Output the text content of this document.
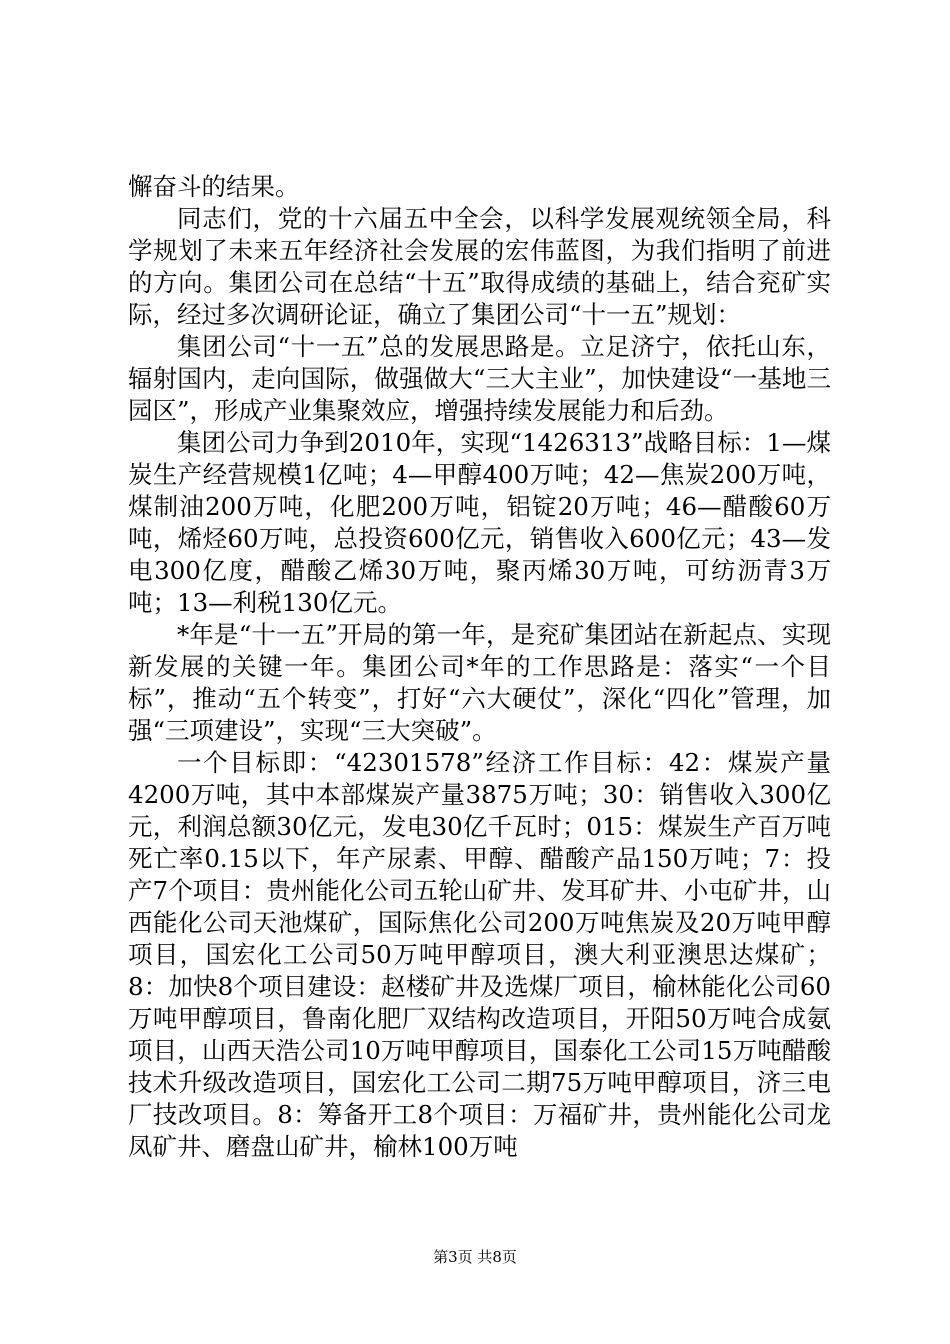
懈奋斗的结果。

同志们，党的十六届五中全会，以科学发展观统领全局，科学规划了未来五年经济社会发展的宏伟蓝图，为我们指明了前进的方向。集团公司在总结“十五”取得成绩的基础上，结合兖矿实际，经过多次调研论证，确立了集团公司“十一五”规划：

集团公司“十一五”总的发展思路是。立足济宁，依托山东，辐射国内，走向国际，做强做大“三大主业”，加快建设“一基地三园区”，形成产业集聚效应，增强持续发展能力和后劲。

集团公司力争到2010年，实现“1426313”战略目标：1—煤炭生产经营规模1亿吨；4—甲醇400万吨；42—焦炭200万吨，煤制油200万吨，化肥200万吨，铝锭20万吨；46—醋酸60万吨，烯烃60万吨，总投资600亿元，销售收入600亿元；43—发电300亿度，醋酸乙烯30万吨，聚丙烯30万吨，可纺沥青3万吨；13—利税130亿元。

*年是“十一五”开局的第一年，是兖矿集团站在新起点、实现新发展的关键一年。集团公司*年的工作思路是：落实“一个目标”，推动“五个转变”，打好“六大硬仗”，深化“四化”管理，加强“三项建设”，实现“三大突破”。

一个目标即：“42301578”经济工作目标：42：煤炭产量4200万吨，其中本部煤炭产量3875万吨；30：销售收入300亿元，利润总额30亿元，发电30亿千瓦时；015：煤炭生产百万吨死亡率0.15以下，年产尿素、甲醇、醋酸产品150万吨；7：投产7个项目：贵州能化公司五轮山矿井、发耳矿井、小屯矿井，山西能化公司天池煤矿，国际焦化公司200万吨焦炭及20万吨甲醇项目，国宏化工公司50万吨甲醇项目，澳大利亚澳思达煤矿；8：加快8个项目建设：赵楼矿井及选煤厂项目，榆林能化公司60万吨甲醇项目，鲁南化肥厂双结构改造项目，开阳50万吨合成氨项目，山西天浩公司10万吨甲醇项目，国泰化工公司15万吨醋酸技术升级改造项目，国宏化工公司二期75万吨甲醇项目，济三电厂技改项目。8：筹备开工8个项目：万福矿井，贵州能化公司龙凤矿井、磨盘山矿井，榆林100万吨

第3页 共8页
